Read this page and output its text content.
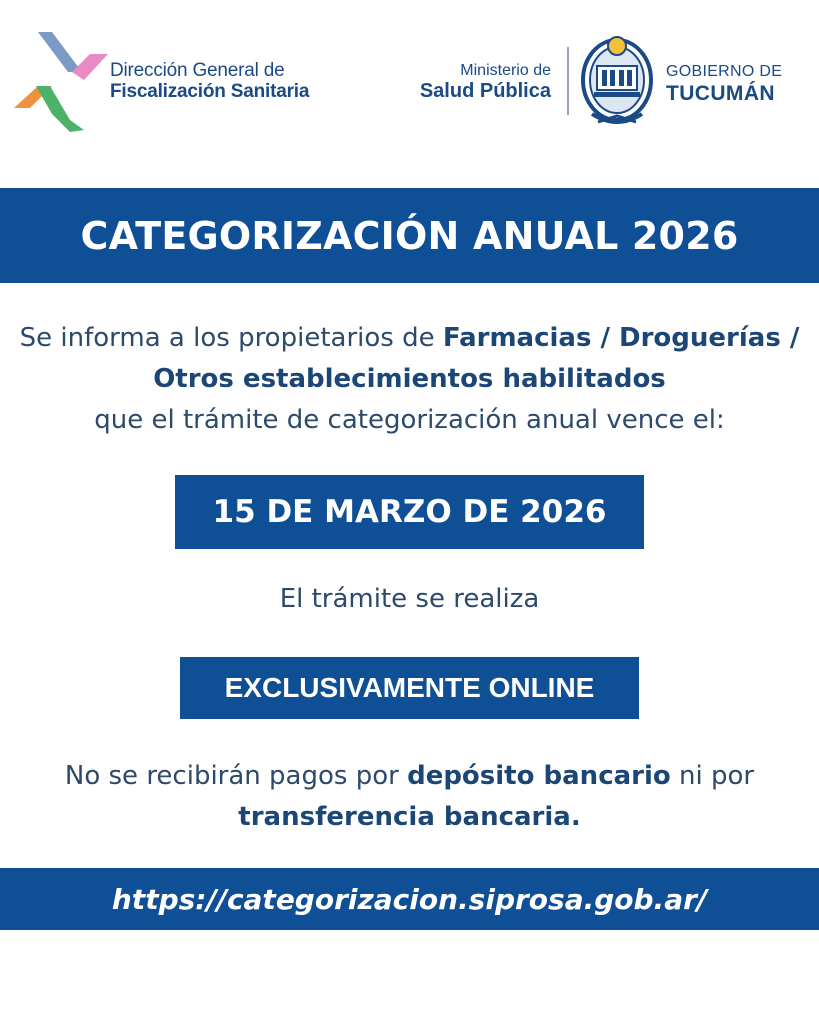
Dirección General de
Fiscalización Sanitaria
Ministerio de
Salud Pública
GOBIERNO DE
TUCUMÁN
CATEGORIZACIÓN ANUAL 2026
Se informa a los propietarios de Farmacias / Droguerías / Otros establecimientos habilitados
que el trámite de categorización anual vence el:
15 DE MARZO DE 2026
El trámite se realiza
EXCLUSIVAMENTE ONLINE
No se recibirán pagos por depósito bancario ni por
transferencia bancaria.
https://categorizacion.siprosa.gob.ar/
